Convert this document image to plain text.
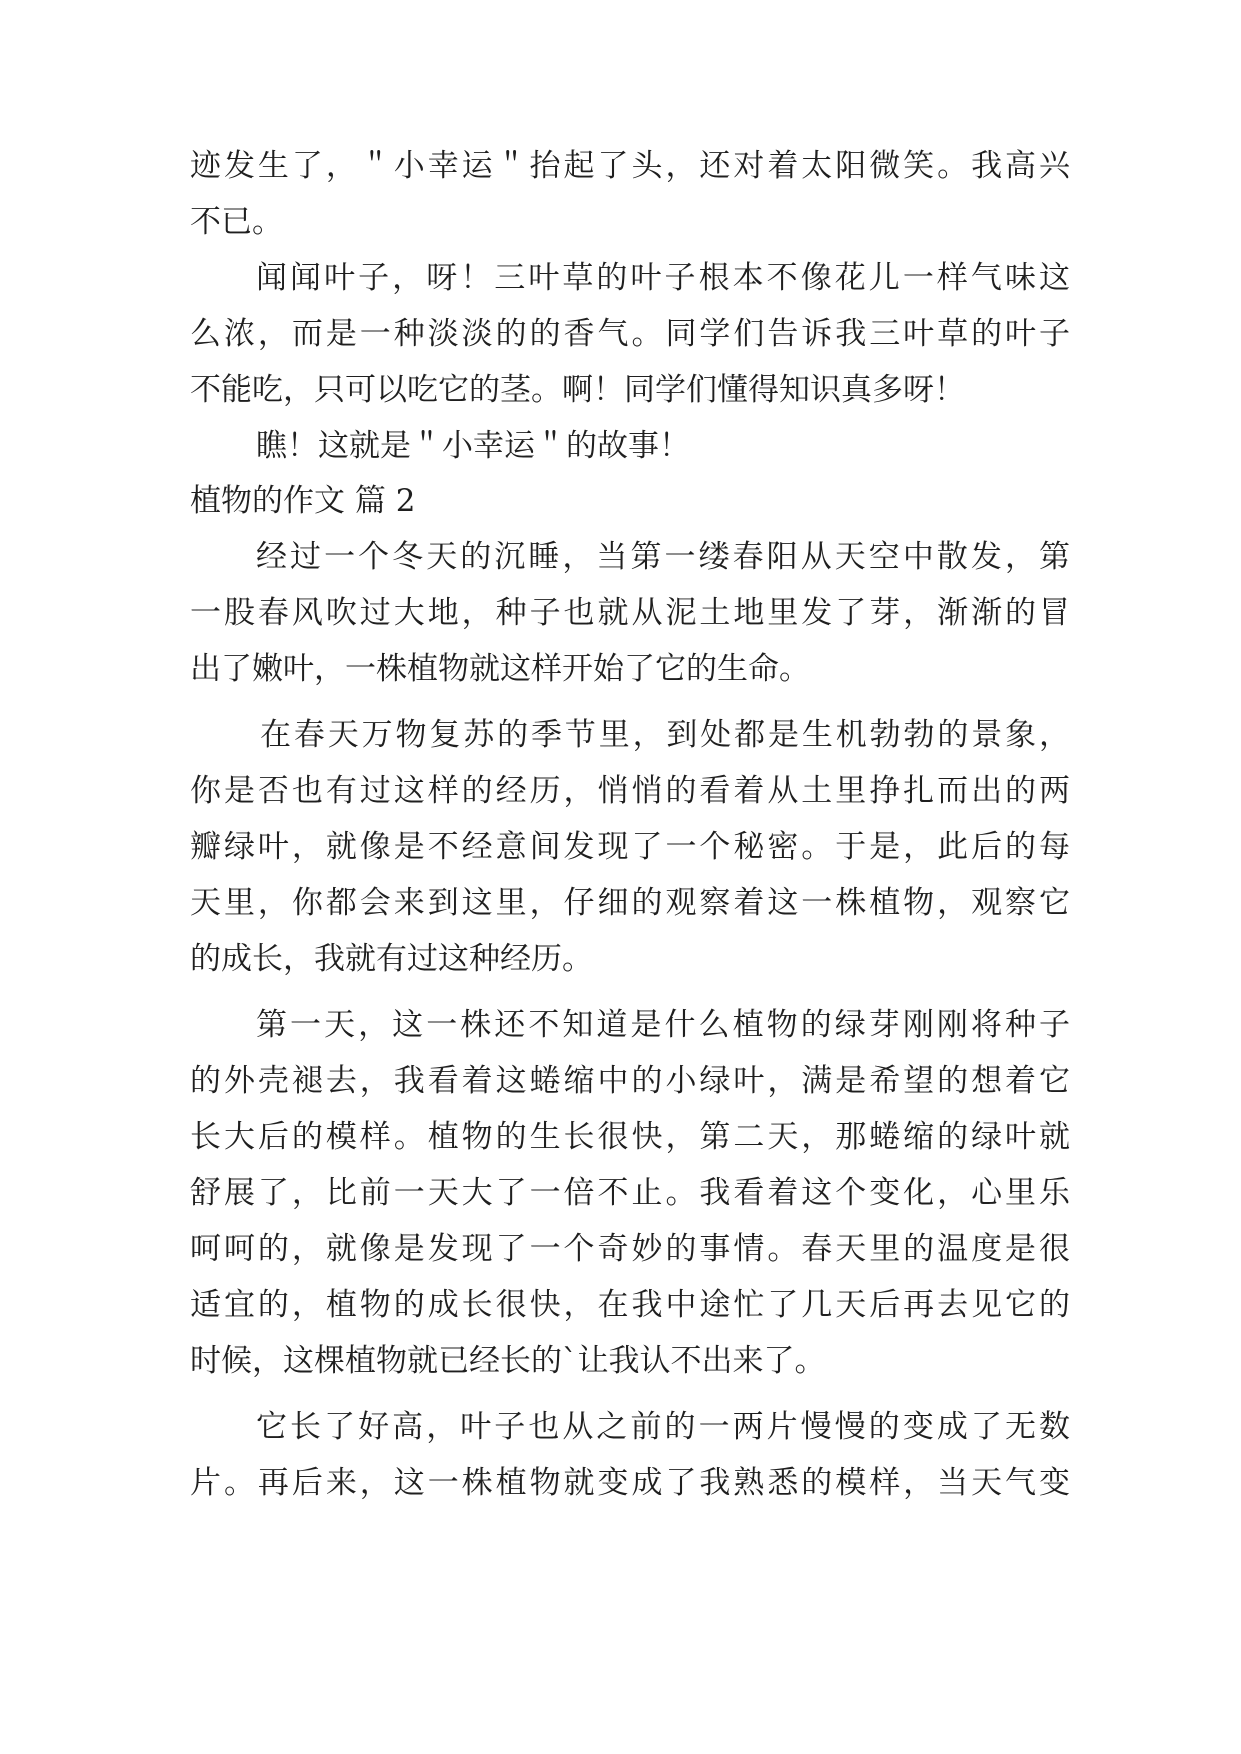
迹发生了，＂小幸运＂抬起了头，还对着太阳微笑。我高兴
不已。
闻闻叶子，呀！三叶草的叶子根本不像花儿一样气味这
么浓，而是一种淡淡的的香气。同学们告诉我三叶草的叶子
不能吃，只可以吃它的茎。啊！同学们懂得知识真多呀！
瞧！这就是＂小幸运＂的故事！
植物的作文 篇 2
经过一个冬天的沉睡，当第一缕春阳从天空中散发，第
一股春风吹过大地，种子也就从泥土地里发了芽，渐渐的冒
出了嫩叶，一株植物就这样开始了它的生命。
在春天万物复苏的季节里，到处都是生机勃勃的景象，
你是否也有过这样的经历，悄悄的看着从土里挣扎而出的两
瓣绿叶，就像是不经意间发现了一个秘密。于是，此后的每
天里，你都会来到这里，仔细的观察着这一株植物，观察它
的成长，我就有过这种经历。
第一天，这一株还不知道是什么植物的绿芽刚刚将种子
的外壳褪去，我看着这蜷缩中的小绿叶，满是希望的想着它
长大后的模样。植物的生长很快，第二天，那蜷缩的绿叶就
舒展了，比前一天大了一倍不止。我看着这个变化，心里乐
呵呵的，就像是发现了一个奇妙的事情。春天里的温度是很
适宜的，植物的成长很快，在我中途忙了几天后再去见它的
时候，这棵植物就已经长的`让我认不出来了。
它长了好高，叶子也从之前的一两片慢慢的变成了无数
片。再后来，这一株植物就变成了我熟悉的模样，当天气变
